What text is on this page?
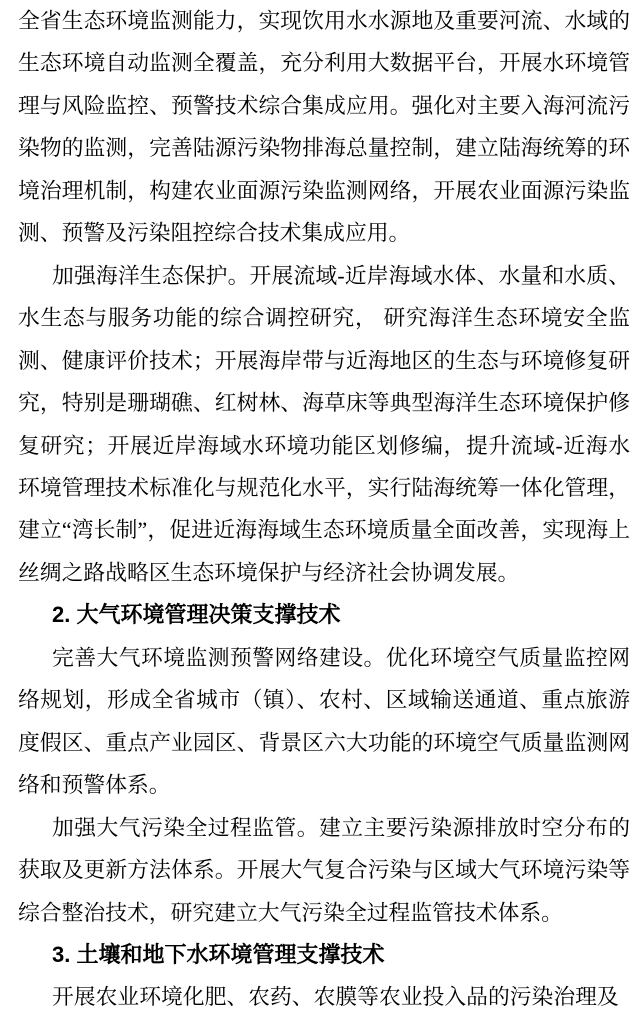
全省生态环境监测能力，实现饮用水水源地及重要河流、水域的生态环境自动监测全覆盖，充分利用大数据平台，开展水环境管理与风险监控、预警技术综合集成应用。强化对主要入海河流污染物的监测，完善陆源污染物排海总量控制，建立陆海统筹的环境治理机制，构建农业面源污染监测网络，开展农业面源污染监测、预警及污染阻控综合技术集成应用。

加强海洋生态保护。开展流域-近岸海域水体、水量和水质、水生态与服务功能的综合调控研究， 研究海洋生态环境安全监测、健康评价技术；开展海岸带与近海地区的生态与环境修复研究，特别是珊瑚礁、红树林、海草床等典型海洋生态环境保护修复研究；开展近岸海域水环境功能区划修编，提升流域-近海水环境管理技术标准化与规范化水平，实行陆海统筹一体化管理，建立“湾长制”，促进近海海域生态环境质量全面改善，实现海上丝绸之路战略区生态环境保护与经济社会协调发展。

2. 大气环境管理决策支撑技术

完善大气环境监测预警网络建设。优化环境空气质量监控网络规划，形成全省城市（镇）、农村、区域输送通道、重点旅游度假区、重点产业园区、背景区六大功能的环境空气质量监测网络和预警体系。

加强大气污染全过程监管。建立主要污染源排放时空分布的获取及更新方法体系。开展大气复合污染与区域大气环境污染等综合整治技术，研究建立大气污染全过程监管技术体系。

3. 土壤和地下水环境管理支撑技术

开展农业环境化肥、农药、农膜等农业投入品的污染治理及
